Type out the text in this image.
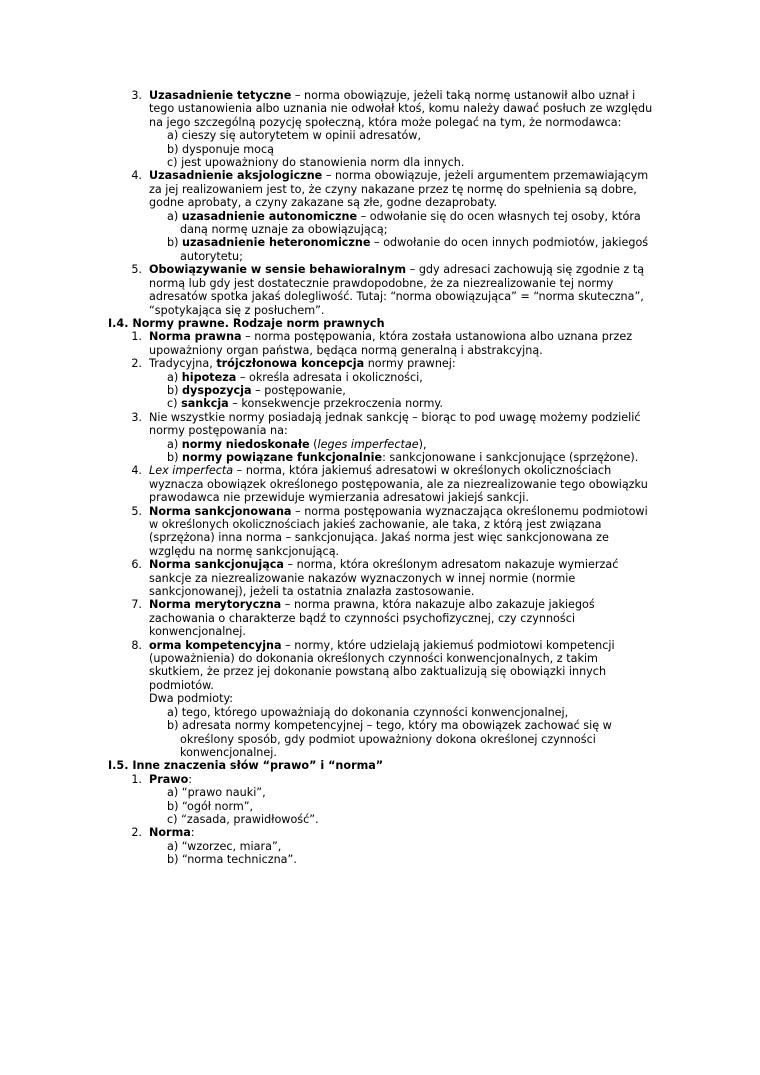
3. Uzasadnienie tetyczne – norma obowiązuje, jeżeli taką normę ustanowił albo uznał i
tego ustanowienia albo uznania nie odwołał ktoś, komu należy dawać posłuch ze względu
na jego szczególną pozycję społeczną, która może polegać na tym, że normodawca:
a) cieszy się autorytetem w opinii adresatów,
b) dysponuje mocą
c) jest upoważniony do stanowienia norm dla innych.
4. Uzasadnienie aksjologiczne – norma obowiązuje, jeżeli argumentem przemawiającym
za jej realizowaniem jest to, że czyny nakazane przez tę normę do spełnienia są dobre,
godne aprobaty, a czyny zakazane są złe, godne dezaprobaty.
a) uzasadnienie autonomiczne – odwołanie się do ocen własnych tej osoby, która
daną normę uznaje za obowiązującą;
b) uzasadnienie heteronomiczne – odwołanie do ocen innych podmiotów, jakiegoś
autorytetu;
5. Obowiązywanie w sensie behawioralnym – gdy adresaci zachowują się zgodnie z tą
normą lub gdy jest dostatecznie prawdopodobne, że za niezrealizowanie tej normy
adresatów spotka jakaś dolegliwość. Tutaj: “norma obowiązująca” = “norma skuteczna”,
“spotykająca się z posłuchem”.
I.4. Normy prawne. Rodzaje norm prawnych
1. Norma prawna – norma postępowania, która została ustanowiona albo uznana przez
upoważniony organ państwa, będąca normą generalną i abstrakcyjną.
2. Tradycyjna, trójczłonowa koncepcja normy prawnej:
a) hipoteza – określa adresata i okoliczności,
b) dyspozycja – postępowanie,
c) sankcja – konsekwencje przekroczenia normy.
3. Nie wszystkie normy posiadają jednak sankcję – biorąc to pod uwagę możemy podzielić
normy postępowania na:
a) normy niedoskonałe (leges imperfectae),
b) normy powiązane funkcjonalnie: sankcjonowane i sankcjonujące (sprzężone).
4. Lex imperfecta – norma, która jakiemuś adresatowi w określonych okolicznościach
wyznacza obowiązek określonego postępowania, ale za niezrealizowanie tego obowiązku
prawodawca nie przewiduje wymierzania adresatowi jakiejś sankcji.
5. Norma sankcjonowana – norma postępowania wyznaczająca określonemu podmiotowi
w określonych okolicznościach jakieś zachowanie, ale taka, z którą jest związana
(sprzężona) inna norma – sankcjonująca. Jakaś norma jest więc sankcjonowana ze
względu na normę sankcjonującą.
6. Norma sankcjonująca – norma, która określonym adresatom nakazuje wymierzać
sankcje za niezrealizowanie nakazów wyznaczonych w innej normie (normie
sankcjonowanej), jeżeli ta ostatnia znalazła zastosowanie.
7. Norma merytoryczna – norma prawna, która nakazuje albo zakazuje jakiegoś
zachowania o charakterze bądź to czynności psychofizycznej, czy czynności
konwencjonalnej.
8. orma kompetencyjna – normy, które udzielają jakiemuś podmiotowi kompetencji
(upoważnienia) do dokonania określonych czynności konwencjonalnych, z takim
skutkiem, że przez jej dokonanie powstaną albo zaktualizują się obowiązki innych
podmiotów.
Dwa podmioty:
a) tego, którego upoważniają do dokonania czynności konwencjonalnej,
b) adresata normy kompetencyjnej – tego, który ma obowiązek zachować się w
określony sposób, gdy podmiot upoważniony dokona określonej czynności
konwencjonalnej.
I.5. Inne znaczenia słów “prawo” i “norma”
1. Prawo:
a) “prawo nauki”,
b) “ogół norm”,
c) “zasada, prawidłowość”.
2. Norma:
a) “wzorzec, miara”,
b) “norma techniczna”.
